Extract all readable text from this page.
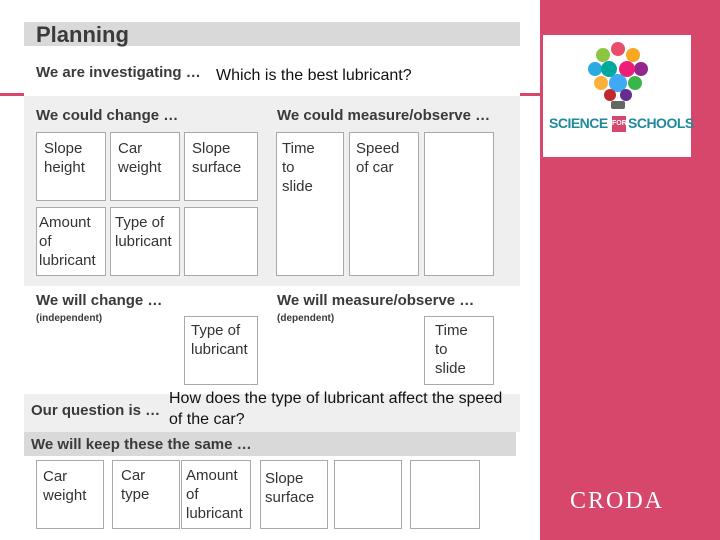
Planning
We are investigating … Which is the best lubricant?
We could change …	We could measure/observe …
Slope
height
Car
weight
Slope
surface
Amount
of
lubricant
Type of
lubricant
Time
to
slide
Speed
of car
We will change …
(independent)
We will measure/observe …
(dependent)
Type of
lubricant
Time
to
slide
Our question is …
How does the type of lubricant affect the speed of the car?
We will keep these the same …
Car
weight
Car
type
Amount
of
lubricant
Slope
surface
SCIENCE FOR SCHOOLS
CRODA
